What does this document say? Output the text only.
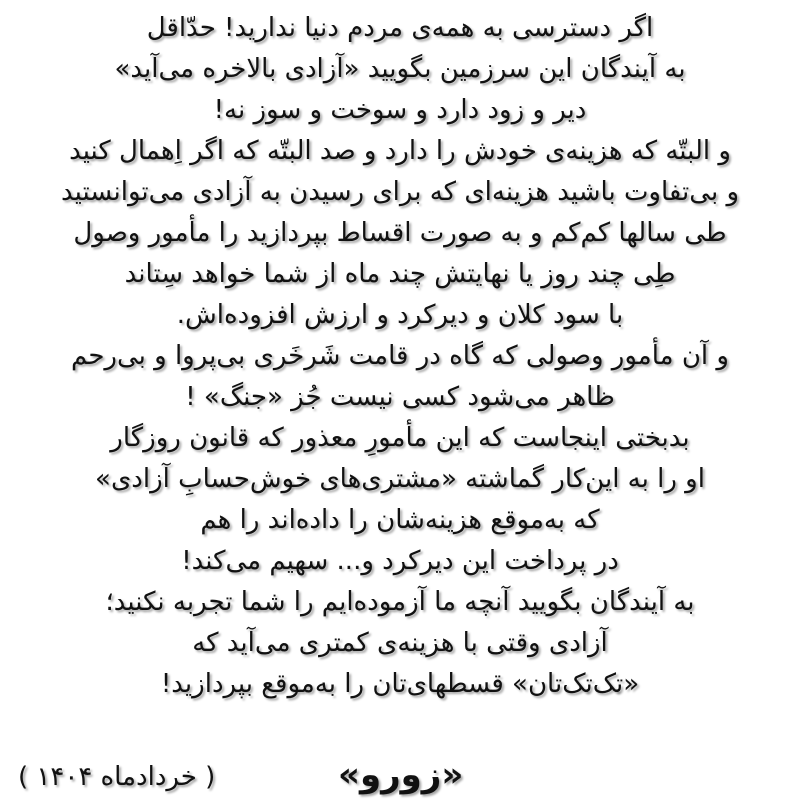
اگر دسترسی به همه‌ی مردم دنیا ندارید! حدّاقل
به آیندگان این سرزمین بگویید «آزادی بالاخره می‌آید»
دیر و زود دارد و سوخت و سوز نه!
و البتّه که هزینه‌ی خودش را دارد و صد البتّه که اگر اِهمال کنید
و بی‌تفاوت باشید هزینه‌ای که برای رسیدن به آزادی می‌توانستید
طی سالها کم‌کم و به صورت اقساط بپردازید را مأمور وصول
طِی چند روز یا نهایتش چند ماه از شما خواهد سِتاند
با سود کلان و دیرکرد و ارزش افزوده‌اش.
و آن مأمور وصولی که گاه در قامت شَرخَری بی‌پروا و بی‌رحم
ظاهر می‌شود کسی نیست جُز «جنگ» !
بدبختی اینجاست که این مأمورِ معذور که قانون روزگار
او را به این‌کار گماشته «مشتری‌های خوش‌حسابِ آزادی»
که به‌موقع هزینه‌شان را داده‌اند را هم
در پرداخت این دیرکرد و... سهیم می‌کند!
به آیندگان بگویید آنچه ما آزموده‌ایم را شما تجربه نکنید؛
آزادی وقتی با هزینه‌ی کمتری می‌آید که
«تک‌تک‌تان» قسطهای‌تان را به‌موقع بپردازید!
( خردادماه ۱۴۰۴ )	«زورو»
